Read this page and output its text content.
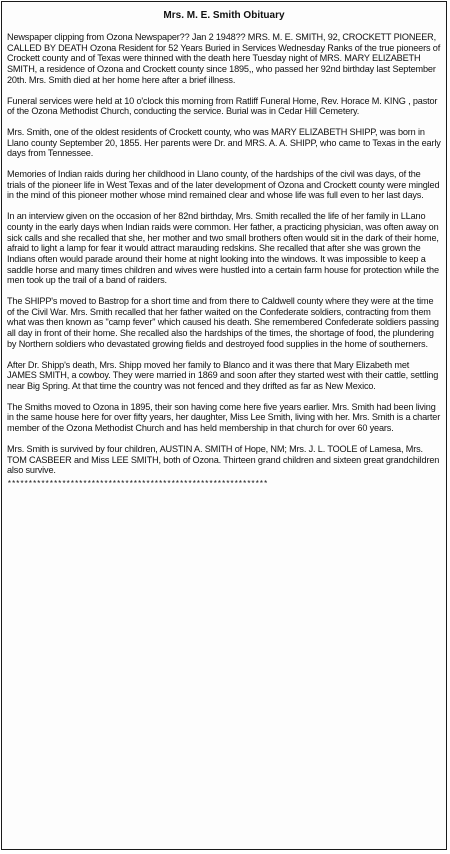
Mrs. M. E. Smith Obituary

Newspaper clipping from Ozona Newspaper?? Jan 2 1948?? MRS. M. E. SMITH, 92, CROCKETT PIONEER, CALLED BY DEATH Ozona Resident for 52 Years Buried in Services Wednesday Ranks of the true pioneers of Crockett county and of Texas were thinned with the death here Tuesday night of MRS. MARY ELIZABETH SMITH, a residence of Ozona and Crockett county since 1895,, who passed her 92nd birthday last September 20th. Mrs. Smith died at her home here after a brief illness.

Funeral services were held at 10 o'clock this morning from Ratliff Funeral Home, Rev. Horace M. KING , pastor of the Ozona Methodist Church, conducting the service. Burial was in Cedar Hill Cemetery.

Mrs. Smith, one of the oldest residents of Crockett county, who was MARY ELIZABETH SHIPP, was born in Llano county September 20, 1855. Her parents were Dr. and MRS. A. A. SHIPP, who came to Texas in the early days from Tennessee.

Memories of Indian raids during her childhood in Llano county, of the hardships of the civil was days, of the trials of the pioneer life in West Texas and of the later development of Ozona and Crockett county were mingled in the mind of this pioneer mother whose mind remained clear and whose life was full even to her last days.

In an interview given on the occasion of her 82nd birthday, Mrs. Smith recalled the life of her family in LLano county in the early days when Indian raids were common. Her father, a practicing physician, was often away on sick calls and she recalled that she, her mother and two small brothers often would sit in the dark of their home, afraid to light a lamp for fear it would attract marauding redskins. She recalled that after she was grown the Indians often would parade around their home at night looking into the windows. It was impossible to keep a saddle horse and many times children and wives were hustled into a certain farm house for protection while the men took up the trail of a band of raiders.

The SHIPP's moved to Bastrop for a short time and from there to Caldwell county where they were at the time of the Civil War. Mrs. Smith recalled that her father waited on the Confederate soldiers, contracting from them what was then known as "camp fever" which caused his death. She remembered Confederate soldiers passing all day in front of their home. She recalled also the hardships of the times, the shortage of food, the plundering by Northern soldiers who devastated growing fields and destroyed food supplies in the home of southerners.

After Dr. Shipp's death, Mrs. Shipp moved her family to Blanco and it was there that Mary Elizabeth met JAMES SMITH, a cowboy. They were married in 1869 and soon after they started west with their cattle, settling near Big Spring. At that time the country was not fenced and they drifted as far as New Mexico.

The Smiths moved to Ozona in 1895, their son having come here five years earlier. Mrs. Smith had been living in the same house here for over fifty years, her daughter, Miss Lee Smith, living with her. Mrs. Smith is a charter member of the Ozona Methodist Church and has held membership in that church for over 60 years.

Mrs. Smith is survived by four children, AUSTIN A. SMITH of Hope, NM; Mrs. J. L. TOOLE of Lamesa, Mrs. TOM CASBEER and Miss LEE SMITH, both of Ozona. Thirteen grand children and sixteen great grandchildren also survive.

**************************************************************
